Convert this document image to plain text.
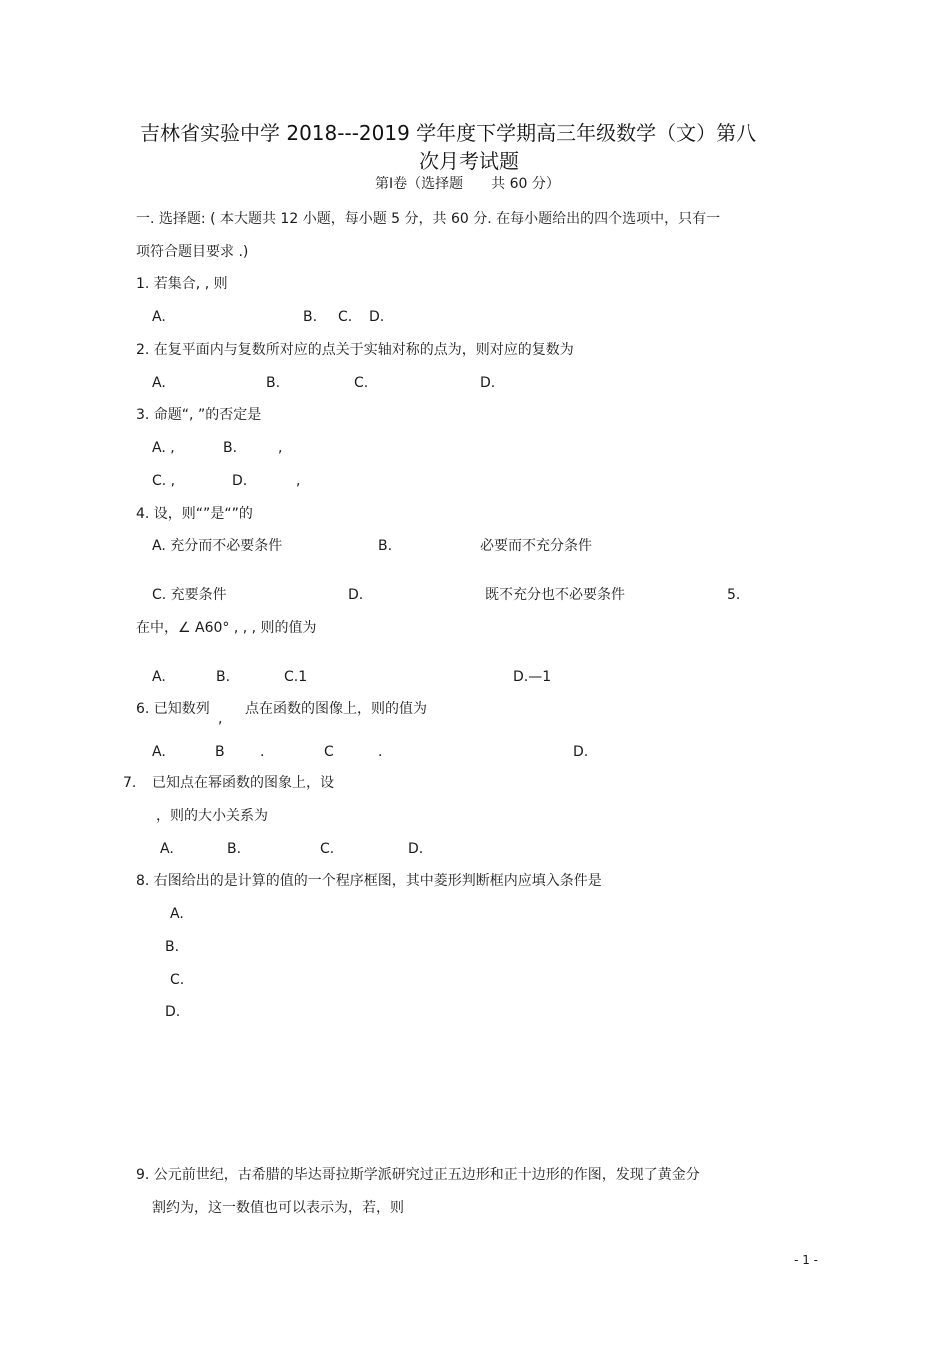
吉林省实验中学 2018---2019 学年度下学期高三年级数学（文）第八
次月考试题
第Ⅰ卷（选择题　　共 60 分）
一. 选择题: ( 本大题共 12 小题，每小题 5 分，共 60 分. 在每小题给出的四个选项中，只有一
项符合题目要求 .)
1. 若集合, , 则
A.	B. C. D.
2. 在复平面内与复数所对应的点关于实轴对称的点为，则对应的复数为
A.	B.	C.	D.
3. 命题“, ”的否定是
A. ,	B.	,
C. ,	D.	,
4. 设，则“”是“”的
A. 充分而不必要条件	B.	必要而不充分条件
C. 充要条件	D.	既不充分也不必要条件	5.
在中，∠ A60° , , , 则的值为
A.	B.	C.1	D.—1
6. 已知数列
,
点在函数的图像上，则的值为
A.	B	.	C	.	D.
7. 已知点在幂函数的图象上，设
，则的大小关系为
A.	B.	C.	D.
8. 右图给出的是计算的值的一个程序框图，其中菱形判断框内应填入条件是
A.
B.
C.
D.
9. 公元前世纪，古希腊的毕达哥拉斯学派研究过正五边形和正十边形的作图，发现了黄金分
割约为，这一数值也可以表示为，若，则
- 1 -
